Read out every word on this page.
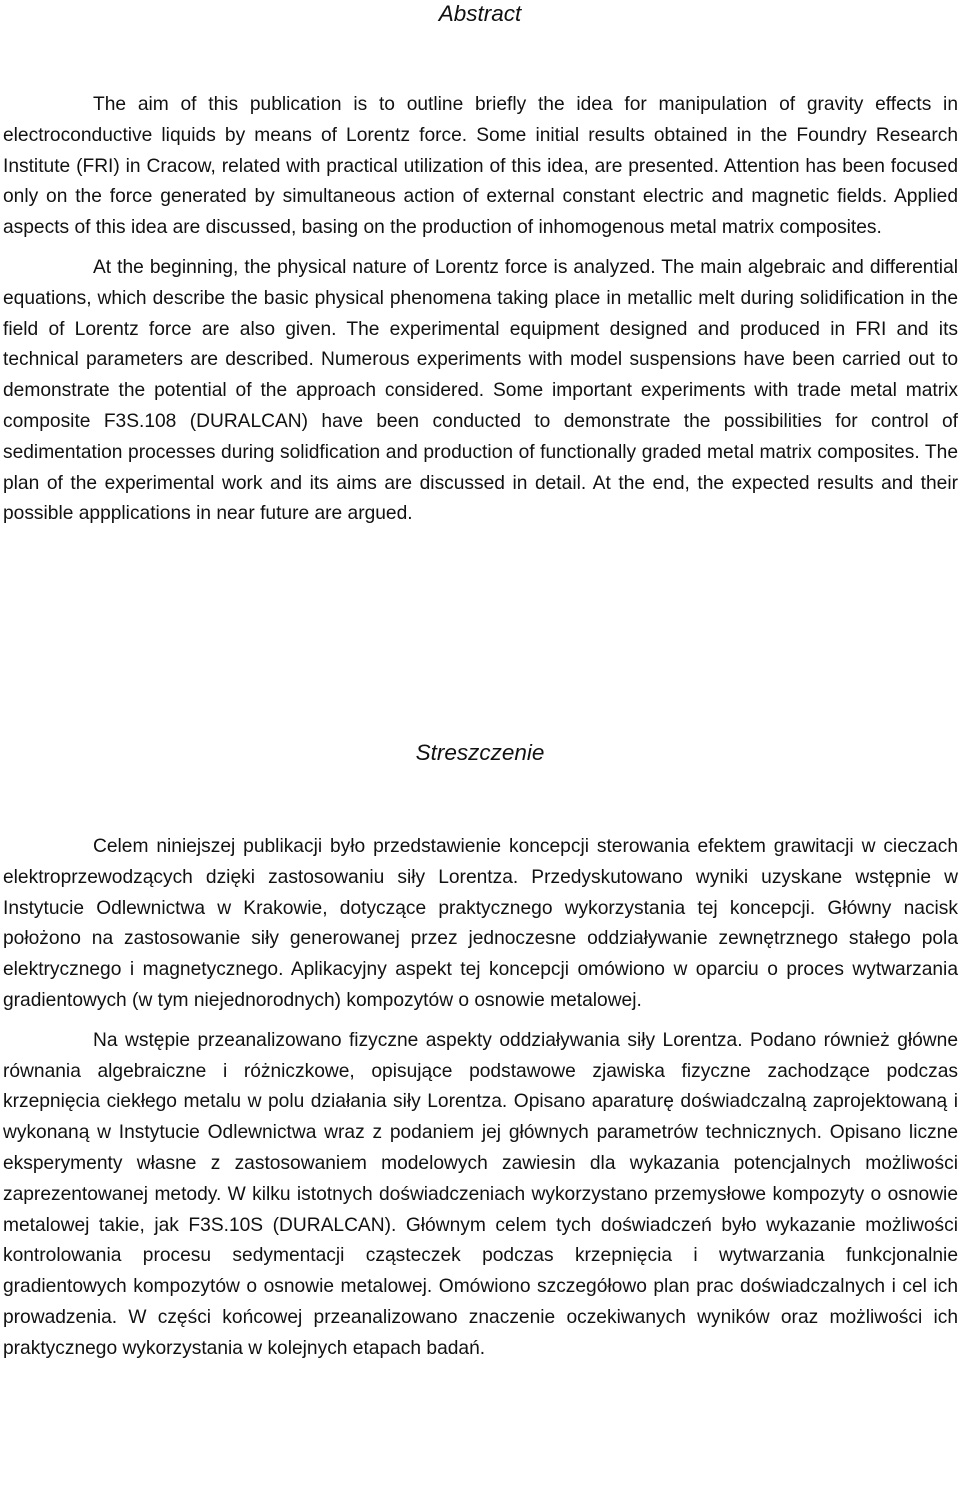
Abstract

The aim of this publication is to outline briefly the idea for manipulation of gravity effects in electroconductive liquids by means of Lorentz force. Some initial results obtained in the Foundry Research Institute (FRI) in Cracow, related with practical utilization of this idea, are presented. Attention has been focused only on the force generated by simultaneous action of external constant electric and magnetic fields. Applied aspects of this idea are discussed, basing on the production of inhomogenous metal matrix composites.

At the beginning, the physical nature of Lorentz force is analyzed. The main algebraic and differential equations, which describe the basic physical phenomena taking place in metallic melt during solidification in the field of Lorentz force are also given. The experimental equipment designed and produced in FRI and its technical parameters are described. Numerous experiments with model suspensions have been carried out to demonstrate the potential of the approach considered. Some important experiments with trade metal matrix composite F3S.108 (DURALCAN) have been conducted to demonstrate the possibilities for control of sedimentation processes during solidfication and production of functionally graded metal matrix composites. The plan of the experimental work and its aims are discussed in detail. At the end, the expected results and their possible appplications in near future are argued.

Streszczenie

Celem niniejszej publikacji było przedstawienie koncepcji sterowania efektem grawitacji w cieczach elektroprzewodzących dzięki zastosowaniu siły Lorentza. Przedyskutowano wyniki uzyskane wstępnie w Instytucie Odlewnictwa w Krakowie, dotyczące praktycznego wykorzystania tej koncepcji. Główny nacisk położono na zastosowanie siły generowanej przez jednoczesne oddziaływanie zewnętrznego stałego pola elektrycznego i magnetycznego. Aplikacyjny aspekt tej koncepcji omówiono w oparciu o proces wytwarzania gradientowych (w tym niejednorodnych) kompozytów o osnowie metalowej.

Na wstępie przeanalizowano fizyczne aspekty oddziaływania siły Lorentza. Podano również główne równania algebraiczne i różniczkowe, opisujące podstawowe zjawiska fizyczne zachodzące podczas krzepnięcia ciekłego metalu w polu działania siły Lorentza. Opisano aparaturę doświadczalną zaprojektowaną i wykonaną w Instytucie Odlewnictwa wraz z podaniem jej głównych parametrów technicznych. Opisano liczne eksperymenty własne z zastosowaniem modelowych zawiesin dla wykazania potencjalnych możliwości zaprezentowanej metody. W kilku istotnych doświadczeniach wykorzystano przemysłowe kompozyty o osnowie metalowej takie, jak F3S.10S (DURALCAN). Głównym celem tych doświadczeń było wykazanie możliwości kontrolowania procesu sedymentacji cząsteczek podczas krzepnięcia i wytwarzania funkcjonalnie gradientowych kompozytów o osnowie metalowej. Omówiono szczegółowo plan prac doświadczalnych i cel ich prowadzenia. W części końcowej przeanalizowano znaczenie oczekiwanych wyników oraz możliwości ich praktycznego wykorzystania w kolejnych etapach badań.
